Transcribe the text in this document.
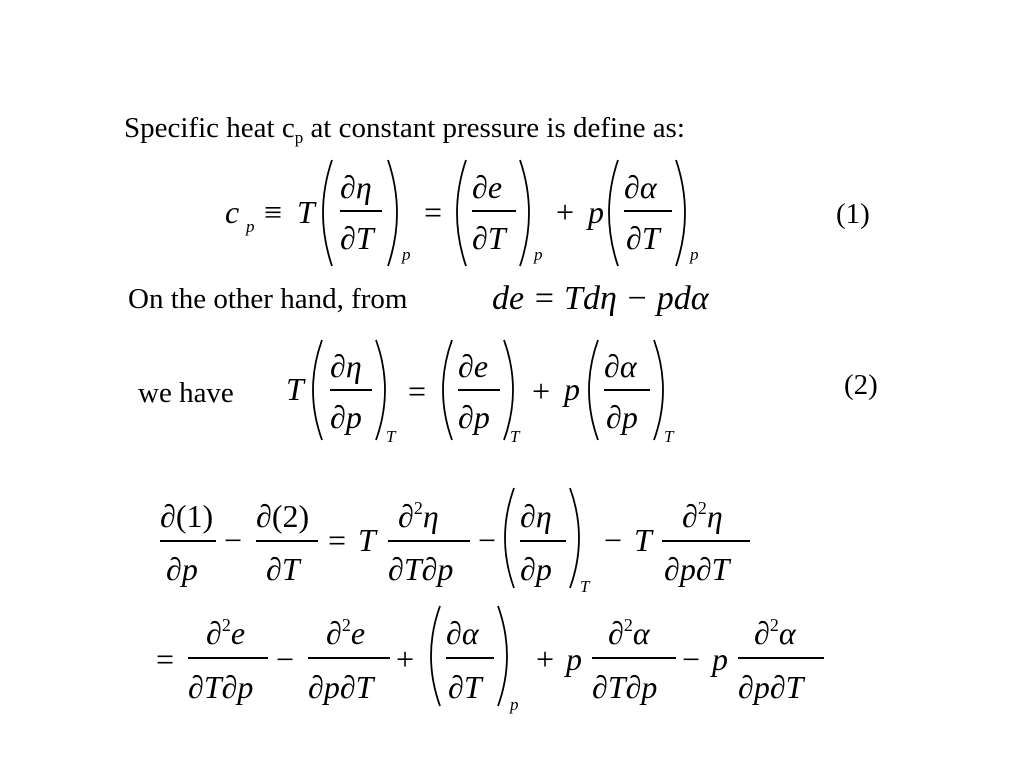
Specific heat $c_p$ at constant pressure is define as:
On the other hand, from de = Tdη − pdα
we have
(1)
(2)
c p ≡ T
∂η
∂T p
=
∂e
∂T p
+ p
∂α
∂T p
T
∂η
∂p
T
=
∂e
∂p
T
+ p
∂α
∂p
T
∂(1)
∂p
−
∂(2)
∂T
= T
∂$^2$η
∂T∂p
−
∂η
∂p T
− T
∂$^2$η
∂p∂T
=
∂$^2$e
∂T∂p
−
∂$^2$e
∂p∂T
+
∂α
∂T p
+ p
∂$^2$α
∂T∂p
− p
∂$^2$α
∂p∂T
